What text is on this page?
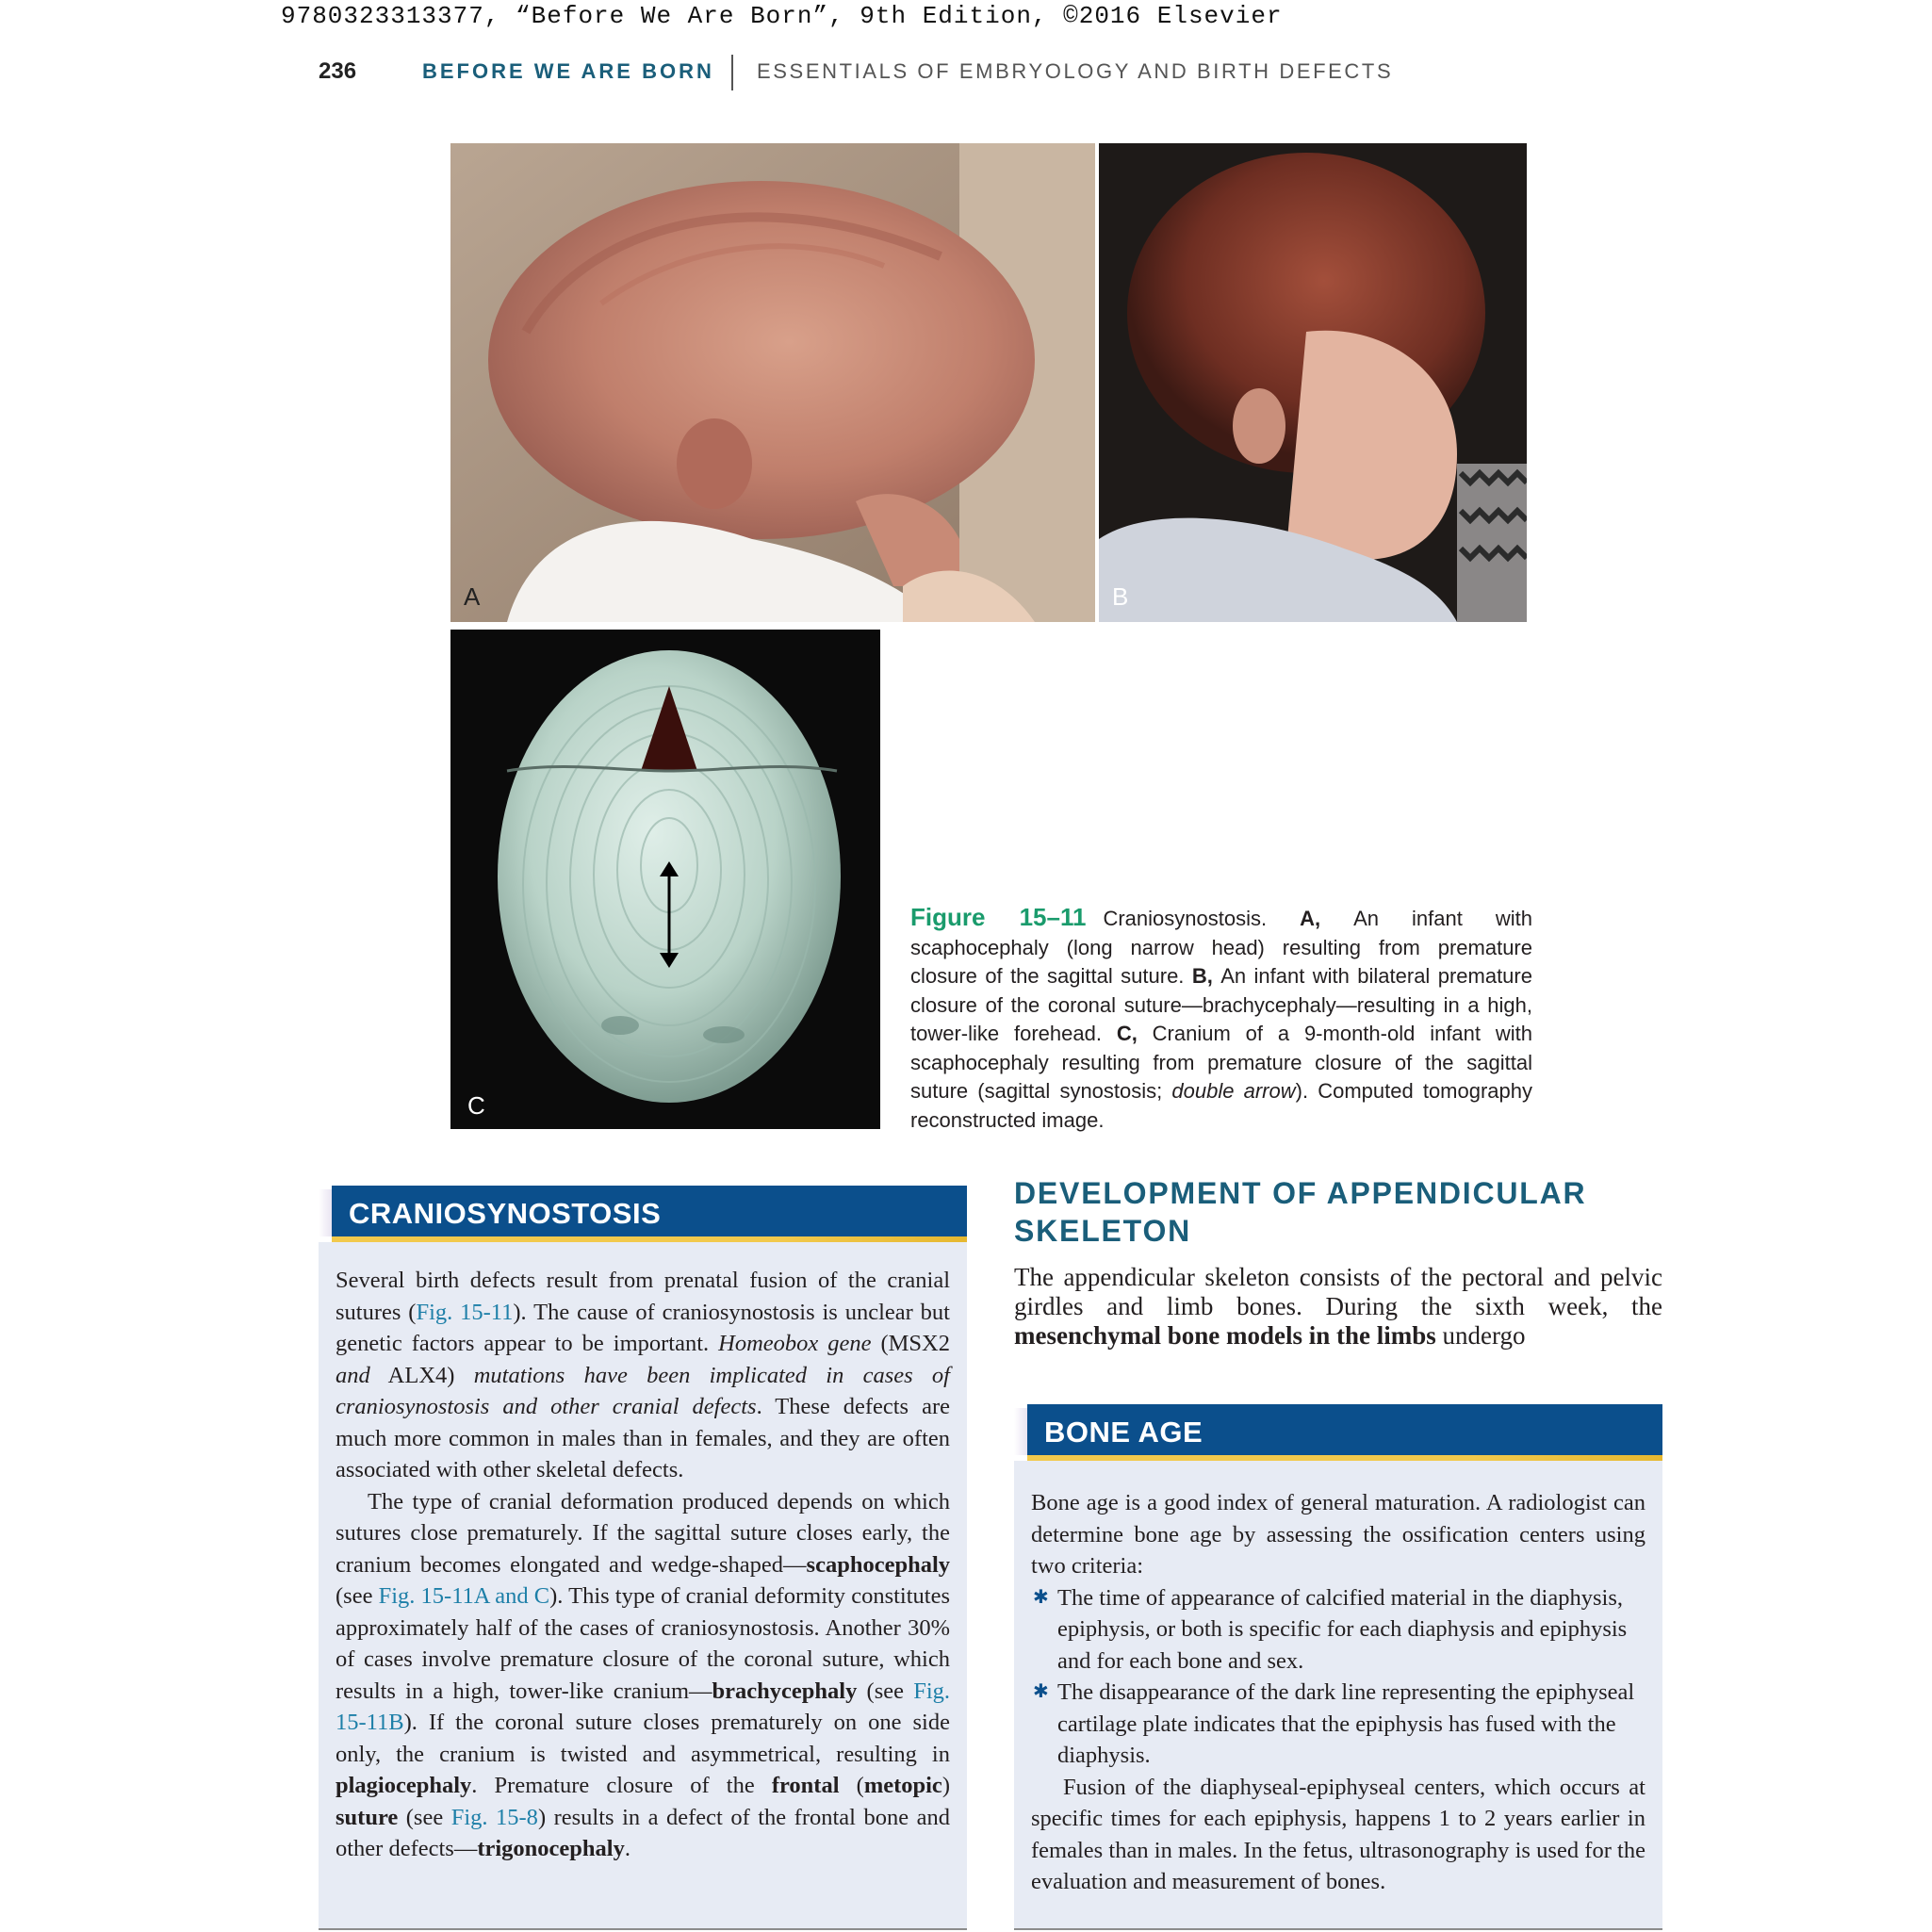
9780323313377, “Before We Are Born”, 9th Edition, ©2016 Elsevier
236	BEFORE WE ARE BORN ESSENTIALS OF EMBRYOLOGY AND BIRTH DEFECTS
A	B
C
Figure 15–11 Craniosynostosis. A, An infant with scaphocephaly (long narrow head) resulting from premature closure of the sagittal suture. B, An infant with bilateral premature closure of the coronal suture—brachycephaly—resulting in a high, tower-like forehead. C, Cranium of a 9-month-old infant with scaphocephaly resulting from premature closure of the sagittal suture (sagittal synostosis; double arrow). Computed tomography reconstructed image.
CRANIOSYNOSTOSIS

Several birth defects result from prenatal fusion of the cranial sutures (Fig. 15-11). The cause of craniosynostosis is unclear but genetic factors appear to be important. Homeobox gene (MSX2 and ALX4) mutations have been implicated in cases of craniosynostosis and other cranial defects. These defects are much more common in males than in females, and they are often associated with other skeletal defects.

The type of cranial deformation produced depends on which sutures close prematurely. If the sagittal suture closes early, the cranium becomes elongated and wedge-shaped—scaphocephaly (see Fig. 15-11A and C). This type of cranial deformity constitutes approximately half of the cases of craniosynostosis. Another 30% of cases involve premature closure of the coronal suture, which results in a high, tower-like cranium—brachycephaly (see Fig. 15-11B). If the coronal suture closes prematurely on one side only, the cranium is twisted and asymmetrical, resulting in plagiocephaly. Premature closure of the frontal (metopic) suture (see Fig. 15-8) results in a defect of the frontal bone and other defects—trigonocephaly.

DEVELOPMENT OF APPENDICULAR SKELETON

The appendicular skeleton consists of the pectoral and pelvic girdles and limb bones. During the sixth week, the mesenchymal bone models in the limbs undergo

BONE AGE

Bone age is a good index of general maturation. A radiologist can determine bone age by assessing the ossification centers using two criteria:

✱ The time of appearance of calcified material in the diaphysis, epiphysis, or both is specific for each diaphysis and epiphysis and for each bone and sex.
✱ The disappearance of the dark line representing the epiphyseal cartilage plate indicates that the epiphysis has fused with the diaphysis.

Fusion of the diaphyseal-epiphyseal centers, which occurs at specific times for each epiphysis, happens 1 to 2 years earlier in females than in males. In the fetus, ultrasonography is used for the evaluation and measurement of bones.
